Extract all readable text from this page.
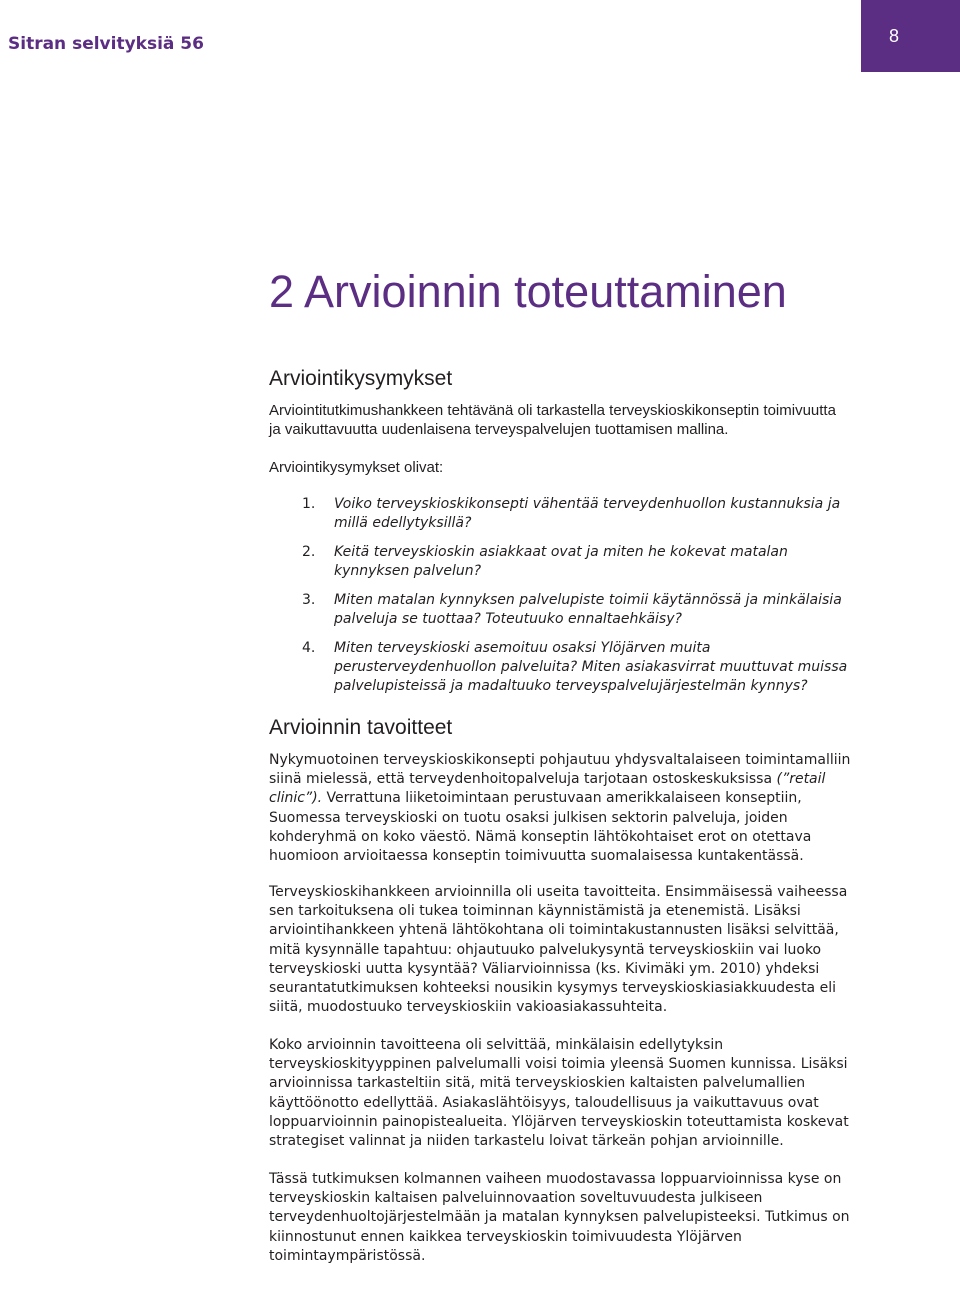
Sitran selvityksiä 56	8
2 Arvioinnin toteuttaminen
Arviointikysymykset

Arviointitutkimushankkeen tehtävänä oli tarkastella terveyskioskikonseptin toimivuutta ja vaikuttavuutta uudenlaisena terveyspalvelujen tuottamisen mallina.

Arviointikysymykset olivat:

1. Voiko terveyskioskikonsepti vähentää terveydenhuollon kustannuksia ja millä edellytyksillä?
2. Keitä terveyskioskin asiakkaat ovat ja miten he kokevat matalan kynnyksen palvelun?
3. Miten matalan kynnyksen palvelupiste toimii käytännössä ja minkälaisia palveluja se tuottaa? Toteutuuko ennaltaehkäisy?
4. Miten terveyskioski asemoituu osaksi Ylöjärven muita perusterveydenhuollon palveluita? Miten asiakasvirrat muuttuvat muissa palvelupisteissä ja madaltuuko terveyspalvelujärjestelmän kynnys?
Arvioinnin tavoitteet

Nykymuotoinen terveyskioskikonsepti pohjautuu yhdysvaltalaiseen toimintamalliin siinä mielessä, että terveydenhoitopalveluja tarjotaan ostoskeskuksissa (”retail clinic”). Verrattuna liiketoimintaan perustuvaan amerikkalaiseen konseptiin, Suomessa terveyskioski on tuotu osaksi julkisen sektorin palveluja, joiden kohderyhmä on koko väestö. Nämä konseptin lähtökohtaiset erot on otettava huomioon arvioitaessa konseptin toimivuutta suomalaisessa kuntakentässä.

Terveyskioskihankkeen arvioinnilla oli useita tavoitteita. Ensimmäisessä vaiheessa sen tarkoituksena oli tukea toiminnan käynnistämistä ja etenemistä. Lisäksi arviointihankkeen yhtenä lähtökohtana oli toimintakustannusten lisäksi selvittää, mitä kysynnälle tapahtuu: ohjautuuko palvelukysyntä terveyskioskiin vai luoko terveyskioski uutta kysyntää? Väliarvioinnissa (ks. Kivimäki ym. 2010) yhdeksi seurantatutkimuksen kohteeksi nousikin kysymys terveyskioskiasiakkuudesta eli siitä, muodostuuko terveyskioskiin vakioasiakassuhteita.

Koko arvioinnin tavoitteena oli selvittää, minkälaisin edellytyksin terveyskioskityyppinen palvelumalli voisi toimia yleensä Suomen kunnissa. Lisäksi arvioinnissa tarkasteltiin sitä, mitä terveyskioskien kaltaisten palvelumallien käyttöönotto edellyttää. Asiakaslähtöisyys, taloudellisuus ja vaikuttavuus ovat loppuarvioinnin painopistealueita. Ylöjärven terveyskioskin toteuttamista koskevat strategiset valinnat ja niiden tarkastelu loivat tärkeän pohjan arvioinnille.

Tässä tutkimuksen kolmannen vaiheen muodostavassa loppuarvioinnissa kyse on terveyskioskin kaltaisen palveluinnovaation soveltuvuudesta julkiseen terveydenhuoltojärjestelmään ja matalan kynnyksen palvelupisteeksi. Tutkimus on kiinnostunut ennen kaikkea terveyskioskin toimivuudesta Ylöjärven toimintaympäristössä.
